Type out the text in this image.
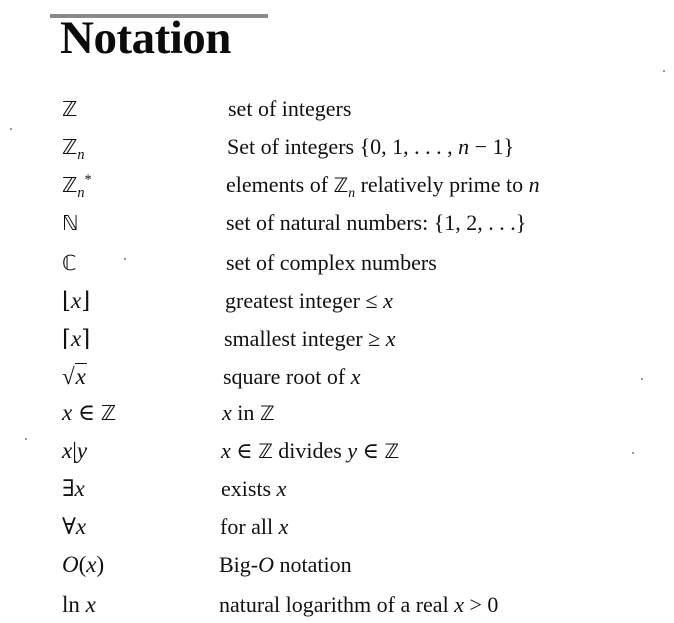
Notation
ℤ	set of integers
ℤ$_n$	Set of integers {0, 1, . . . , n − 1}
ℤ$_n$*	elements of ℤ$_n$ relatively prime to n
ℕ	set of natural numbers: {1, 2, . . .}
ℂ	set of complex numbers
⌊x⌋	greatest integer ≤ x
⌈x⌉	smallest integer ≥ x
√x	square root of x
x ∈ ℤ	x in ℤ
x|y	x ∈ ℤ divides y ∈ ℤ
∃x	exists x
∀x	for all x
O(x)	Big-O notation
ln x	natural logarithm of a real x > 0
